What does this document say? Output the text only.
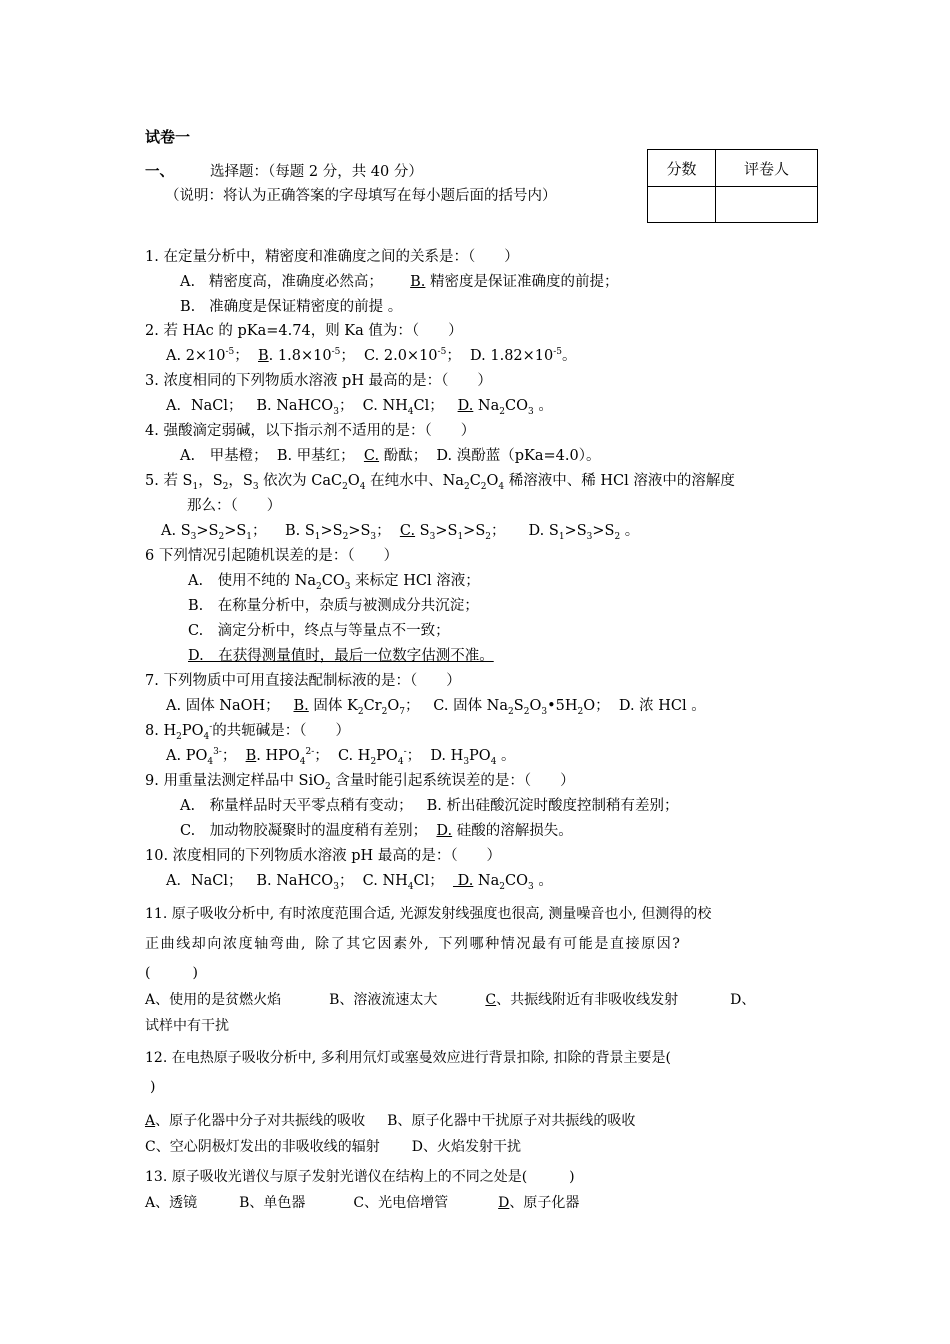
试卷一
一、 选择题：（每题 2 分，共 40 分）
（说明：将认为正确答案的字母填写在每小题后面的括号内）
分数	评卷人

1. 在定量分析中，精密度和准确度之间的关系是：（　　）
A. 精密度高，准确度必然高； B. 精密度是保证准确度的前提；
B. 准确度是保证精密度的前提 。
2. 若 HAc 的 pKa=4.74，则 Ka 值为：（　　）
A. $2\times 10^{-5}$；  B. $1.8\times 10^{-5}$；  C. $2.0\times 10^{-5}$；  D. $1.82\times 10^{-5}$。
3. 浓度相同的下列物质水溶液 pH 最高的是：（　　）
A．NaCl；   B. NaHCO$_3$；  C. $NH_4Cl$；   D. $Na_2CO_3$ 。
4. 强酸滴定弱碱，以下指示剂不适用的是：（　　）
A.　甲基橙； B. 甲基红； C. 酚酞； D. 溴酚蓝（pKa=4.0）。
5. 若 $S_1$，$S_2$，$S_3$ 依次为 $CaC_2O_4$ 在纯水中、$Na_2C_2O_4$ 稀溶液中、稀 HCl 溶液中的溶解度
那么：（　　）
A. $S_3>S_2>S_1$；    B. $S_1>S_2>S_3$；  C. $S_3>S_1>S_2$；     D. $S_1>S_3>S_2$ 。
6 下列情况引起随机误差的是：（　　）
A.　使用不纯的 $Na_2CO_3$ 来标定 HCl 溶液；
B.　在称量分析中，杂质与被测成分共沉淀；
C.　滴定分析中，终点与等量点不一致；
D.　在获得测量值时，最后一位数字估测不准。
7. 下列物质中可用直接法配制标液的是：（　　）
A. 固体 NaOH；   B. 固体 $K_2Cr_2O_7$；   C. 固体 $Na_2S_2O_3•5H_2O$；  D. 浓 HCl 。
8. $H_2PO_4^-$的共轭碱是：（　　）
A. $PO_4^{3-}$；  B. $HPO_4^{2-}$；  C. $H_2PO_4^-$；  D. $H_3PO_4$ 。
9. 用重量法测定样品中 SiO$_2$ 含量时能引起系统误差的是：（　　）
A.　称量样品时天平零点稍有变动； B. 析出硅酸沉淀时酸度控制稍有差别；
C.　加动物胶凝聚时的温度稍有差别； D. 硅酸的溶解损失。
10. 浓度相同的下列物质水溶液 pH 最高的是：（　　）
A．NaCl；   B. NaHCO$_3$；  C. $NH_4Cl$；   D. $Na_2CO_3$ 。
11. 原子吸收分析中, 有时浓度范围合适, 光源发射线强度也很高, 测量噪音也小, 但测得的校
正曲线却向浓度轴弯曲, 除了其它因素外, 下列哪种情况最有可能是直接原因?
(　　　)
A、使用的是贫燃火焰	B、溶液流速太大	C、共振线附近有非吸收线发射	D、
试样中有干扰
12. 在电热原子吸收分析中, 多利用氘灯或塞曼效应进行背景扣除, 扣除的背景主要是(
)
A、原子化器中分子对共振线的吸收 B、原子化器中干扰原子对共振线的吸收
C、空心阴极灯发出的非吸收线的辐射 D、火焰发射干扰
13. 原子吸收光谱仪与原子发射光谱仪在结构上的不同之处是(　　　)
A、透镜	B、单色器	C、光电倍增管	D、原子化器
